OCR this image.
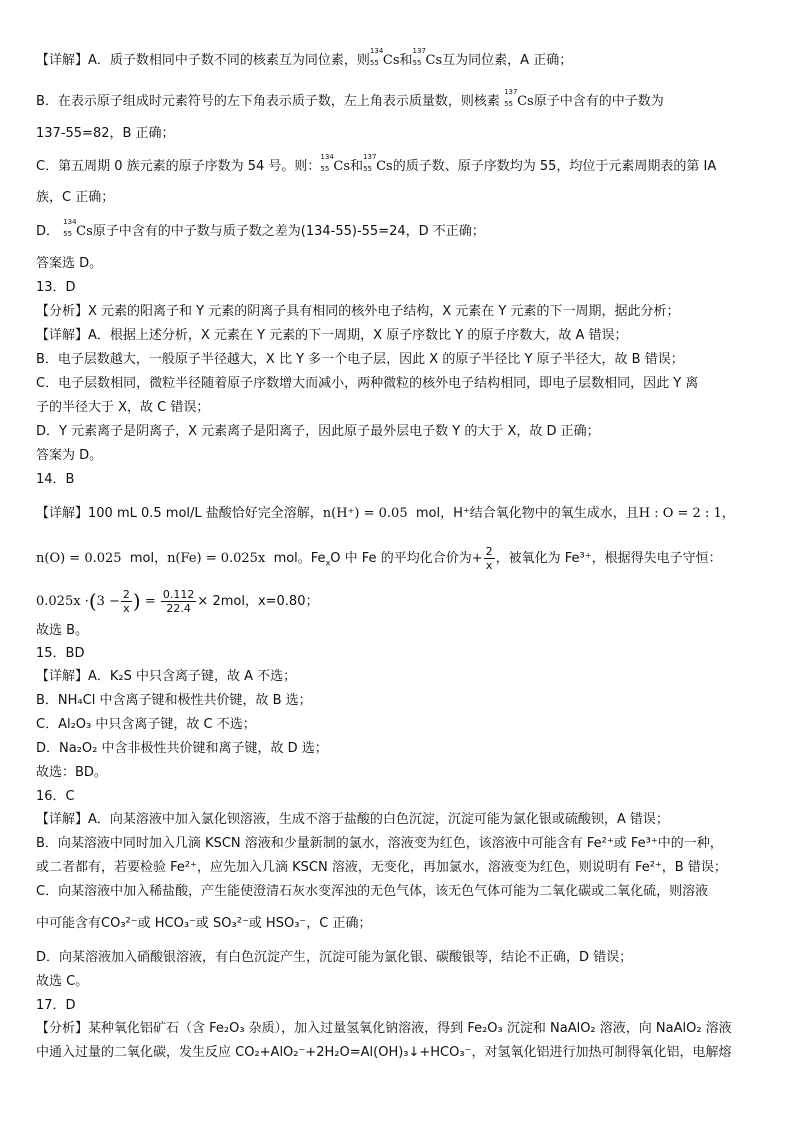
【详解】A．质子数相同中子数不同的核素互为同位素，则
134
55 Cs和
137
55 Cs互为同位素，A 正确；
B．在表示原子组成时元素符号的左下角表示质子数，左上角表示质量数，则核素
137
55 Cs原子中含有的中子数为
137-55=82，B 正确；
C．第五周期 0 族元素的原子序数为 54 号。则：
134
55 Cs和
137
55 Cs的质子数、原子序数均为 55，均位于元素周期表的第 ⅠA
族，C 正确；
D．
134
55 Cs原子中含有的中子数与质子数之差为(134-55)-55=24，D 不正确；
答案选 D。
13．D
【分析】X 元素的阳离子和 Y 元素的阴离子具有相同的核外电子结构，X 元素在 Y 元素的下一周期，据此分析；
【详解】A．根据上述分析，X 元素在 Y 元素的下一周期，X 原子序数比 Y 的原子序数大，故 A 错误；
B．电子层数越大，一般原子半径越大，X 比 Y 多一个电子层，因此 X 的原子半径比 Y 原子半径大，故 B 错误；
C．电子层数相同，微粒半径随着原子序数增大而减小，两种微粒的核外电子结构相同，即电子层数相同，因此 Y 离
子的半径大于 X，故 C 错误；
D．Y 元素离子是阴离子，X 元素离子是阳离子，因此原子最外层电子数 Y 的大于 X，故 D 正确；
答案为 D。
14．B
【详解】100 mL 0.5 mol/L 盐酸恰好完全溶解，n(H⁺) = 0.05 mol，H⁺结合氧化物中的氧生成水，且H : O = 2 : 1，
n(O) = 0.025 mol，n(Fe) = 0.025x mol。$Fe_xO$ 中 Fe 的平均化合价为+ $\frac{2}{x}$ ，被氧化为 Fe³⁺，根据得失电子守恒：
$0.025x \cdot(3 - \frac{2}{x}$ ) = $\frac{0.112}{22.4} \times 2mol$，x=0.80；
故选 B。
15．BD
【详解】A．K₂S 中只含离子键，故 A 不选；
B．NH₄Cl 中含离子键和极性共价键，故 B 选；
C．Al₂O₃ 中只含离子键，故 C 不选；
D．Na₂O₂ 中含非极性共价键和离子键，故 D 选；
故选：BD。
16．C
【详解】A．向某溶液中加入氯化钡溶液，生成不溶于盐酸的白色沉淀，沉淀可能为氯化银或硫酸钡，A 错误；
B．向某溶液中同时加入几滴 KSCN 溶液和少量新制的氯水，溶液变为红色，该溶液中可能含有 Fe²⁺或 Fe³⁺中的一种，
或二者都有，若要检验 Fe²⁺，应先加入几滴 KSCN 溶液，无变化，再加氯水，溶液变为红色，则说明有 Fe²⁺，B 错误；
C．向某溶液中加入稀盐酸，产生能使澄清石灰水变浑浊的无色气体，该无色气体可能为二氧化碳或二氧化硫，则溶液
中可能含有CO₃²⁻或 HCO₃⁻或 SO₃²⁻或 HSO₃⁻，C 正确；
D．向某溶液加入硝酸银溶液，有白色沉淀产生，沉淀可能为氯化银、碳酸银等，结论不正确，D 错误；
故选 C。
17．D
【分析】某种氧化铝矿石（含 Fe₂O₃ 杂质），加入过量氢氧化钠溶液，得到 Fe₂O₃ 沉淀和 NaAlO₂ 溶液，向 NaAlO₂ 溶液
中通入过量的二氧化碳，发生反应 CO₂+AlO₂⁻+2H₂O=Al(OH)₃↓+HCO₃⁻，对氢氧化铝进行加热可制得氧化铝，电解熔
